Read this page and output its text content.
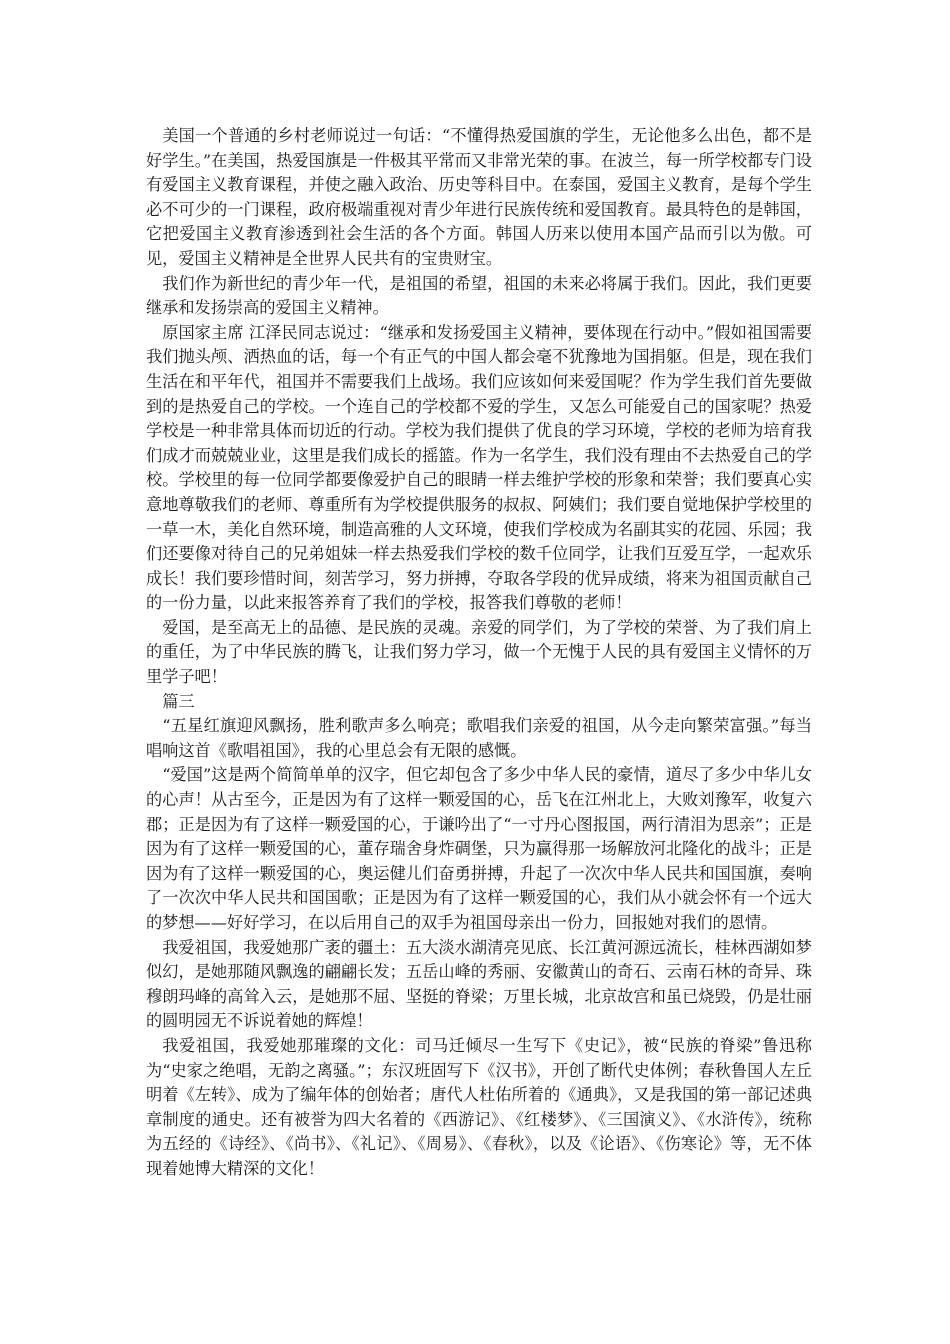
美国一个普通的乡村老师说过一句话：“不懂得热爱国旗的学生，无论他多么出色，都不是好学生。”在美国，热爱国旗是一件极其平常而又非常光荣的事。在波兰，每一所学校都专门设有爱国主义教育课程，并使之融入政治、历史等科目中。在泰国，爱国主义教育，是每个学生必不可少的一门课程，政府极端重视对青少年进行民族传统和爱国教育。最具特色的是韩国，它把爱国主义教育渗透到社会生活的各个方面。韩国人历来以使用本国产品而引以为傲。可见，爱国主义精神是全世界人民共有的宝贵财宝。

我们作为新世纪的青少年一代，是祖国的希望，祖国的未来必将属于我们。因此，我们更要继承和发扬崇高的爱国主义精神。

原国家主席 江泽民同志说过：“继承和发扬爱国主义精神，要体现在行动中。”假如祖国需要我们抛头颅、洒热血的话，每一个有正气的中国人都会毫不犹豫地为国捐躯。但是，现在我们生活在和平年代，祖国并不需要我们上战场。我们应该如何来爱国呢？作为学生我们首先要做到的是热爱自己的学校。一个连自己的学校都不爱的学生，又怎么可能爱自己的国家呢？热爱学校是一种非常具体而切近的行动。学校为我们提供了优良的学习环境，学校的老师为培育我们成才而兢兢业业，这里是我们成长的摇篮。作为一名学生，我们没有理由不去热爱自己的学校。学校里的每一位同学都要像爱护自己的眼睛一样去维护学校的形象和荣誉；我们要真心实意地尊敬我们的老师、尊重所有为学校提供服务的叔叔、阿姨们；我们要自觉地保护学校里的一草一木，美化自然环境，制造高雅的人文环境，使我们学校成为名副其实的花园、乐园；我们还要像对待自己的兄弟姐妹一样去热爱我们学校的数千位同学，让我们互爱互学，一起欢乐成长！我们要珍惜时间，刻苦学习，努力拼搏，夺取各学段的优异成绩，将来为祖国贡献自己的一份力量，以此来报答养育了我们的学校，报答我们尊敬的老师！

爱国，是至高无上的品德、是民族的灵魂。亲爱的同学们，为了学校的荣誉、为了我们肩上的重任，为了中华民族的腾飞，让我们努力学习，做一个无愧于人民的具有爱国主义情怀的万里学子吧！

篇三

“五星红旗迎风飘扬，胜利歌声多么响亮；歌唱我们亲爱的祖国，从今走向繁荣富强。”每当唱响这首《歌唱祖国》，我的心里总会有无限的感慨。

“爱国”这是两个简简单单的汉字，但它却包含了多少中华人民的豪情，道尽了多少中华儿女的心声！从古至今，正是因为有了这样一颗爱国的心，岳飞在江州北上，大败刘豫军，收复六郡；正是因为有了这样一颗爱国的心，于谦吟出了“一寸丹心图报国，两行清泪为思亲”；正是因为有了这样一颗爱国的心，董存瑞舍身炸碉堡，只为赢得那一场解放河北隆化的战斗；正是因为有了这样一颗爱国的心，奥运健儿们奋勇拼搏，升起了一次次中华人民共和国国旗，奏响了一次次中华人民共和国国歌；正是因为有了这样一颗爱国的心，我们从小就会怀有一个远大的梦想——好好学习，在以后用自己的双手为祖国母亲出一份力，回报她对我们的恩情。

我爱祖国，我爱她那广袤的疆土：五大淡水湖清亮见底、长江黄河源远流长，桂林西湖如梦似幻，是她那随风飘逸的翩翩长发；五岳山峰的秀丽、安徽黄山的奇石、云南石林的奇异、珠穆朗玛峰的高耸入云，是她那不屈、坚挺的脊梁；万里长城，北京故宫和虽已烧毁，仍是壮丽的圆明园无不诉说着她的辉煌！

我爱祖国，我爱她那璀璨的文化：司马迁倾尽一生写下《史记》，被“民族的脊梁”鲁迅称为“史家之绝唱，无韵之离骚。”；东汉班固写下《汉书》，开创了断代史体例；春秋鲁国人左丘明着《左转》、成为了编年体的创始者；唐代人杜佑所着的《通典》，又是我国的第一部记述典章制度的通史。还有被誉为四大名着的《西游记》、《红楼梦》、《三国演义》、《水浒传》，统称为五经的《诗经》、《尚书》、《礼记》、《周易》、《春秋》，以及《论语》、《伤寒论》等，无不体现着她博大精深的文化！
